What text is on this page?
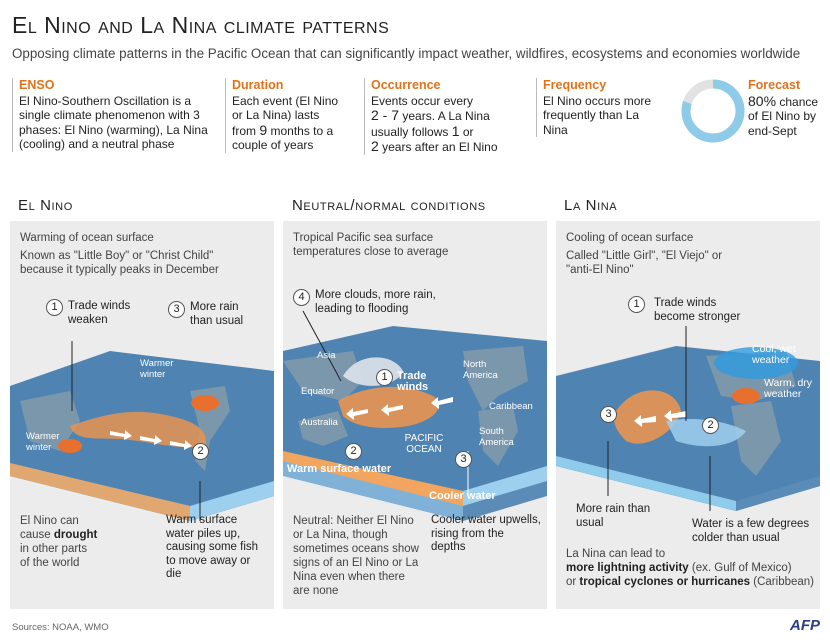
El Nino and La Nina climate patterns
Opposing climate patterns in the Pacific Ocean that can significantly impact weather, wildfires, ecosystems and economies worldwide
ENSO
El Nino-Southern Oscillation is a single climate phenomenon with 3 phases: El Nino (warming), La Nina (cooling) and a neutral phase
Duration
Each event (El Nino
or La Nina) lasts
from 9 months to a
couple of years
Occurrence
Events occur every
2 - 7 years. A La Nina
usually follows 1 or
2 years after an El Nino
Frequency
El Nino occurs more frequently than La Nina
Forecast
80% chance
of El Nino by
end-Sept
El Nino	Neutral/normal conditions	La Nina
Warming of ocean surface
Known as "Little Boy" or "Christ Child" because it typically peaks in December
1 Trade winds weaken
3 More rain than usual
Warmer winter
Warmer winter	2
El Nino can
cause drought
in other parts
of the world
Warm surface water piles up, causing some fish to move away or die
Tropical Pacific sea surface temperatures close to average
4 More clouds, more rain, leading to flooding
Asia
North America
Equator
Australia
Caribbean
South America
PACIFIC OCEAN
1 Trade winds
2
3
Warm surface water
Cooler water
Neutral: Neither El Nino or La Nina, though sometimes oceans show signs of an El Nino or La Nina even when there are none
Cooler water upwells, rising from the depths
Cooling of ocean surface
Called "Little Girl", "El Viejo" or "anti-El Nino"
1	Trade winds become stronger
Cool, wet weather
Warm, dry weather
3
2
More rain than usual	Water is a few degrees colder than usual
La Nina can lead to
more lightning activity (ex. Gulf of Mexico)
or tropical cyclones or hurricanes (Caribbean)
Sources: NOAA, WMO	AFP
